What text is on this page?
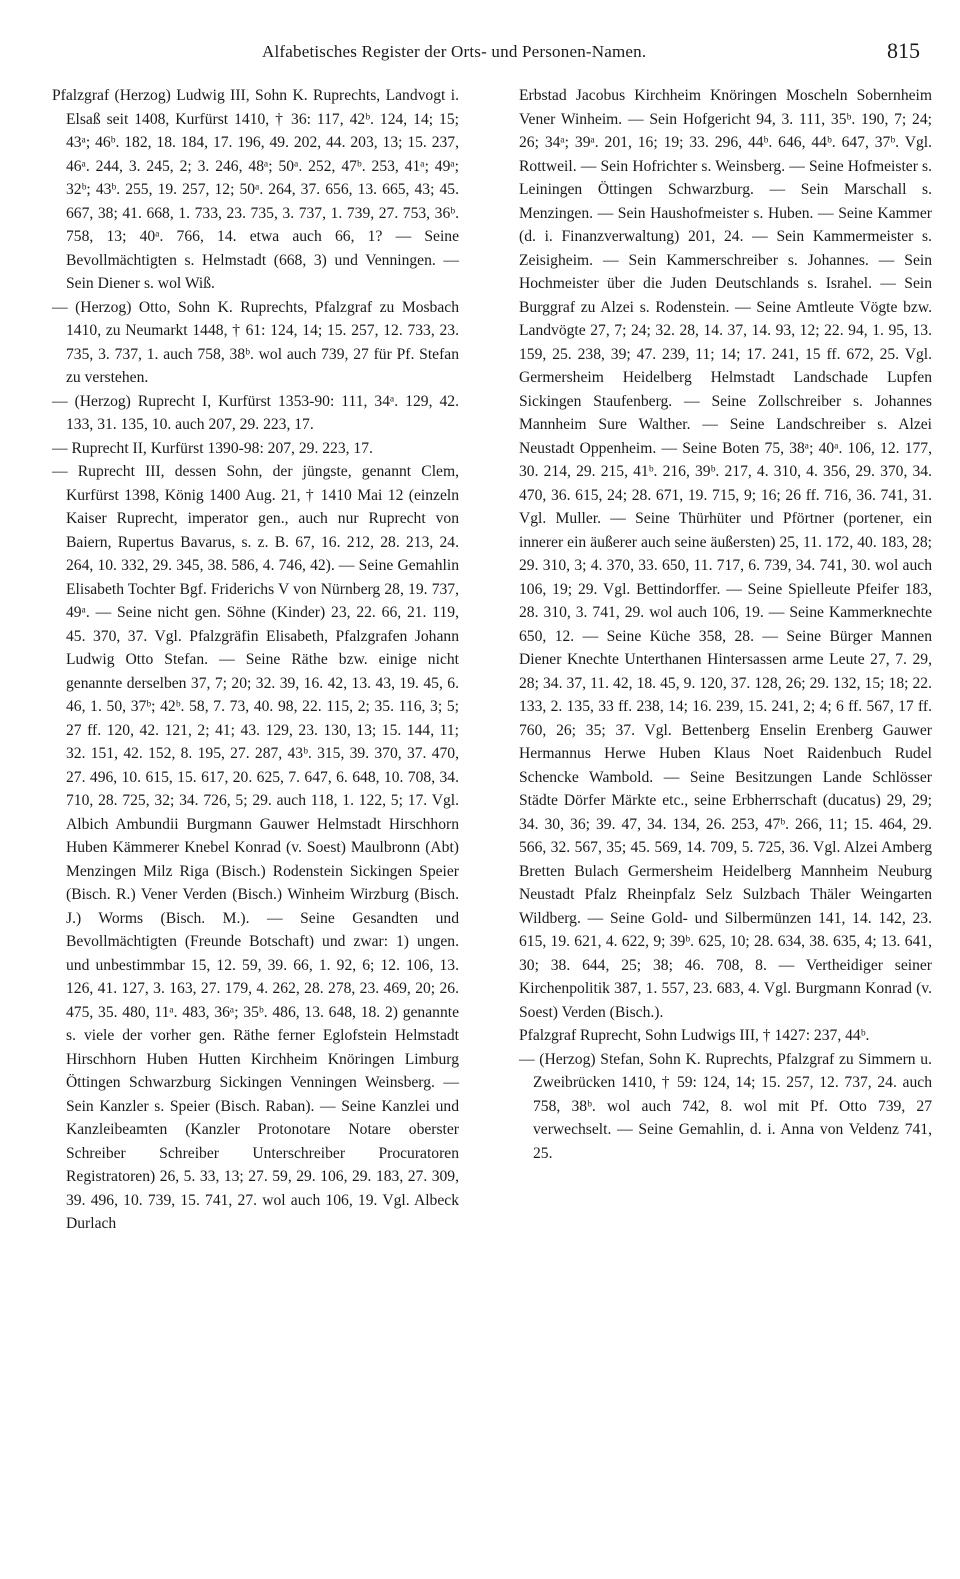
Alfabetisches Register der Orts- und Personen-Namen.	815

Pfalzgraf (Herzog) Ludwig III, Sohn K. Ruprechts, Landvogt i. Elsaß seit 1408, Kurfürst 1410, † 36: 117, 42ᵇ. 124, 14; 15; 43ᵃ; 46ᵇ. 182, 18. 184, 17. 196, 49. 202, 44. 203, 13; 15. 237, 46ᵃ. 244, 3. 245, 2; 3. 246, 48ᵃ; 50ᵃ. 252, 47ᵇ. 253, 41ᵃ; 49ᵃ; 32ᵇ; 43ᵇ. 255, 19. 257, 12; 50ᵃ. 264, 37. 656, 13. 665, 43; 45. 667, 38; 41. 668, 1. 733, 23. 735, 3. 737, 1. 739, 27. 753, 36ᵇ. 758, 13; 40ᵃ. 766, 14. etwa auch 66, 1? — Seine Bevollmächtigten s. Helmstadt (668, 3) und Venningen. — Sein Diener s. wol Wiß.

— (Herzog) Otto, Sohn K. Ruprechts, Pfalzgraf zu Mosbach 1410, zu Neumarkt 1448, † 61: 124, 14; 15. 257, 12. 733, 23. 735, 3. 737, 1. auch 758, 38ᵇ. wol auch 739, 27 für Pf. Stefan zu verstehen.

— (Herzog) Ruprecht I, Kurfürst 1353-90: 111, 34ᵃ. 129, 42. 133, 31. 135, 10. auch 207, 29. 223, 17.

— Ruprecht II, Kurfürst 1390-98: 207, 29. 223, 17.

— Ruprecht III, dessen Sohn, der jüngste, genannt Clem, Kurfürst 1398, König 1400 Aug. 21, † 1410 Mai 12 (einzeln Kaiser Ruprecht, imperator gen., auch nur Ruprecht von Baiern, Rupertus Bavarus, s. z. B. 67, 16. 212, 28. 213, 24. 264, 10. 332, 29. 345, 38. 586, 4. 746, 42). — Seine Gemahlin Elisabeth Tochter Bgf. Friderichs V von Nürnberg 28, 19. 737, 49ᵃ. — Seine nicht gen. Söhne (Kinder) 23, 22. 66, 21. 119, 45. 370, 37. Vgl. Pfalzgräfin Elisabeth, Pfalzgrafen Johann Ludwig Otto Stefan. — Seine Räthe bzw. einige nicht genannte derselben 37, 7; 20; 32. 39, 16. 42, 13. 43, 19. 45, 6. 46, 1. 50, 37ᵇ; 42ᵇ. 58, 7. 73, 40. 98, 22. 115, 2; 35. 116, 3; 5; 27 ff. 120, 42. 121, 2; 41; 43. 129, 23. 130, 13; 15. 144, 11; 32. 151, 42. 152, 8. 195, 27. 287, 43ᵇ. 315, 39. 370, 37. 470, 27. 496, 10. 615, 15. 617, 20. 625, 7. 647, 6. 648, 10. 708, 34. 710, 28. 725, 32; 34. 726, 5; 29. auch 118, 1. 122, 5; 17. Vgl. Albich Ambundii Burgmann Gauwer Helmstadt Hirschhorn Huben Kämmerer Knebel Konrad (v. Soest) Maulbronn (Abt) Menzingen Milz Riga (Bisch.) Rodenstein Sickingen Speier (Bisch. R.) Vener Verden (Bisch.) Winheim Wirzburg (Bisch. J.) Worms (Bisch. M.). — Seine Gesandten und Bevollmächtigten (Freunde Botschaft) und zwar: 1) ungen. und unbestimmbar 15, 12. 59, 39. 66, 1. 92, 6; 12. 106, 13. 126, 41. 127, 3. 163, 27. 179, 4. 262, 28. 278, 23. 469, 20; 26. 475, 35. 480, 11ᵃ. 483, 36ᵃ; 35ᵇ. 486, 13. 648, 18. 2) genannte s. viele der vorher gen. Räthe ferner Eglofstein Helmstadt Hirschhorn Huben Hutten Kirchheim Knöringen Limburg Öttingen Schwarzburg Sickingen Venningen Weinsberg. — Sein Kanzler s. Speier (Bisch. Raban). — Seine Kanzlei und Kanzleibeamten (Kanzler Protonotare Notare oberster Schreiber Schreiber Unterschreiber Procuratoren Registratoren) 26, 5. 33, 13; 27. 59, 29. 106, 29. 183, 27. 309, 39. 496, 10. 739, 15. 741, 27. wol auch 106, 19. Vgl. Albeck Durlach

Erbstad Jacobus Kirchheim Knöringen Moscheln Sobernheim Vener Winheim. — Sein Hofgericht 94, 3. 111, 35ᵇ. 190, 7; 24; 26; 34ᵃ; 39ᵃ. 201, 16; 19; 33. 296, 44ᵇ. 646, 44ᵇ. 647, 37ᵇ. Vgl. Rottweil. — Sein Hofrichter s. Weinsberg. — Seine Hofmeister s. Leiningen Öttingen Schwarzburg. — Sein Marschall s. Menzingen. — Sein Haushofmeister s. Huben. — Seine Kammer (d. i. Finanzverwaltung) 201, 24. — Sein Kammermeister s. Zeisigheim. — Sein Kammerschreiber s. Johannes. — Sein Hochmeister über die Juden Deutschlands s. Israhel. — Sein Burggraf zu Alzei s. Rodenstein. — Seine Amtleute Vögte bzw. Landvögte 27, 7; 24; 32. 28, 14. 37, 14. 93, 12; 22. 94, 1. 95, 13. 159, 25. 238, 39; 47. 239, 11; 14; 17. 241, 15 ff. 672, 25. Vgl. Germersheim Heidelberg Helmstadt Landschade Lupfen Sickingen Staufenberg. — Seine Zollschreiber s. Johannes Mannheim Sure Walther. — Seine Landschreiber s. Alzei Neustadt Oppenheim. — Seine Boten 75, 38ᵃ; 40ᵃ. 106, 12. 177, 30. 214, 29. 215, 41ᵇ. 216, 39ᵇ. 217, 4. 310, 4. 356, 29. 370, 34. 470, 36. 615, 24; 28. 671, 19. 715, 9; 16; 26 ff. 716, 36. 741, 31. Vgl. Muller. — Seine Thürhüter und Pförtner (portener, ein innerer ein äußerer auch seine äußersten) 25, 11. 172, 40. 183, 28; 29. 310, 3; 4. 370, 33. 650, 11. 717, 6. 739, 34. 741, 30. wol auch 106, 19; 29. Vgl. Bettindorffer. — Seine Spielleute Pfeifer 183, 28. 310, 3. 741, 29. wol auch 106, 19. — Seine Kammerknechte 650, 12. — Seine Küche 358, 28. — Seine Bürger Mannen Diener Knechte Unterthanen Hintersassen arme Leute 27, 7. 29, 28; 34. 37, 11. 42, 18. 45, 9. 120, 37. 128, 26; 29. 132, 15; 18; 22. 133, 2. 135, 33 ff. 238, 14; 16. 239, 15. 241, 2; 4; 6 ff. 567, 17 ff. 760, 26; 35; 37. Vgl. Bettenberg Enselin Erenberg Gauwer Hermannus Herwe Huben Klaus Noet Raidenbuch Rudel Schencke Wambold. — Seine Besitzungen Lande Schlösser Städte Dörfer Märkte etc., seine Erbherrschaft (ducatus) 29, 29; 34. 30, 36; 39. 47, 34. 134, 26. 253, 47ᵇ. 266, 11; 15. 464, 29. 566, 32. 567, 35; 45. 569, 14. 709, 5. 725, 36. Vgl. Alzei Amberg Bretten Bulach Germersheim Heidelberg Mannheim Neuburg Neustadt Pfalz Rheinpfalz Selz Sulzbach Thäler Weingarten Wildberg. — Seine Gold- und Silbermünzen 141, 14. 142, 23. 615, 19. 621, 4. 622, 9; 39ᵇ. 625, 10; 28. 634, 38. 635, 4; 13. 641, 30; 38. 644, 25; 38; 46. 708, 8. — Vertheidiger seiner Kirchenpolitik 387, 1. 557, 23. 683, 4. Vgl. Burgmann Konrad (v. Soest) Verden (Bisch.).

Pfalzgraf Ruprecht, Sohn Ludwigs III, † 1427: 237, 44ᵇ.

— (Herzog) Stefan, Sohn K. Ruprechts, Pfalzgraf zu Simmern u. Zweibrücken 1410, † 59: 124, 14; 15. 257, 12. 737, 24. auch 758, 38ᵇ. wol auch 742, 8. wol mit Pf. Otto 739, 27 verwechselt. — Seine Gemahlin, d. i. Anna von Veldenz 741, 25.
